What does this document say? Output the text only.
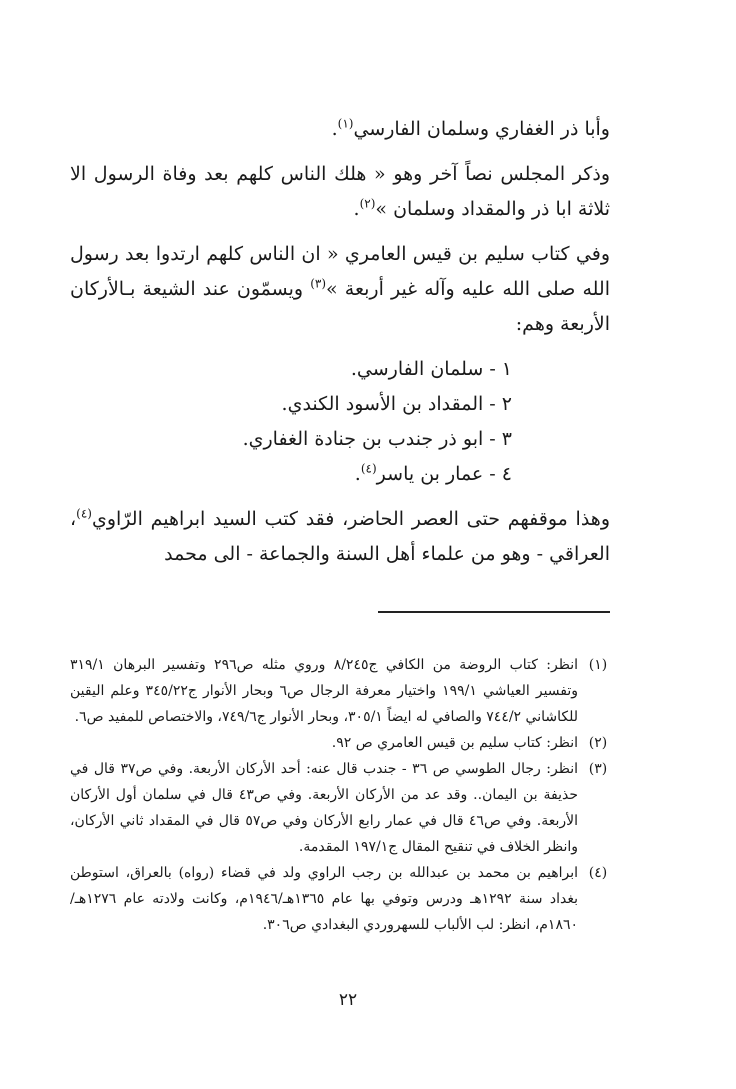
وأبا ذر الغفاري وسلمان الفارسي$^{(١)}$.

وذكر المجلس نصاً آخر وهو « هلك الناس كلهم بعد وفاة الرسول الا ثلاثة ابا ذر والمقداد وسلمان »$^{(٢)}$.

وفي كتاب سليم بن قيس العامري « ان الناس كلهم ارتدوا بعد رسول الله صلى الله عليه وآله غير أربعة »$^{(٣)}$ ويسمّون عند الشيعة بـالأركان الأربعة وهم:

١ - سلمان الفارسي.
٢ - المقداد بن الأسود الكندي.
٣ - ابو ذر جندب بن جنادة الغفاري.
٤ - عمار بن ياسر$^{(٤)}$.

وهذا موقفهم حتى العصر الحاضر، فقد كتب السيد ابراهيم الرّاوي$^{(٤)}$، العراقي - وهو من علماء أهل السنة والجماعة - الى محمد

(١)
انظر: كتاب الروضة من الكافي ج٨/٢٤٥ وروي مثله ص٢٩٦ وتفسير البرهان ٣١٩/١ وتفسير العياشي ١٩٩/١ واختيار معرفة الرجال ص٦ وبحار الأنوار ج٣٤٥/٢٢ وعلم اليقين للكاشاني ٧٤٤/٢ والصافي له ايضاً ٣٠٥/١، وبحار الأنوار ج٧٤٩/٦، والاختصاص للمفيد ص٦.
(٢)
انظر: كتاب سليم بن قيس العامري ص ٩٢.
(٣)
انظر: رجال الطوسي ص ٣٦ - جندب قال عنه: أحد الأركان الأربعة. وفي ص٣٧ قال في حذيفة بن اليمان.. وقد عد من الأركان الأربعة. وفي ص٤٣ قال في سلمان أول الأركان الأربعة. وفي ص٤٦ قال في عمار رابع الأركان وفي ص٥٧ قال في المقداد ثاني الأركان، وانظر الخلاف في تنقيح المقال ج١٩٧/١ المقدمة.
(٤)
ابراهيم بن محمد بن عبدالله بن رجب الراوي ولد في قضاء (رواه) بالعراق، استوطن بغداد سنة ١٢٩٢هـ ودرس وتوفي بها عام ١٣٦٥هـ/١٩٤٦م، وكانت ولادته عام ١٢٧٦هـ/١٨٦٠م، انظر: لب الألباب للسهروردي البغدادي ص٣٠٦.
٢٢
